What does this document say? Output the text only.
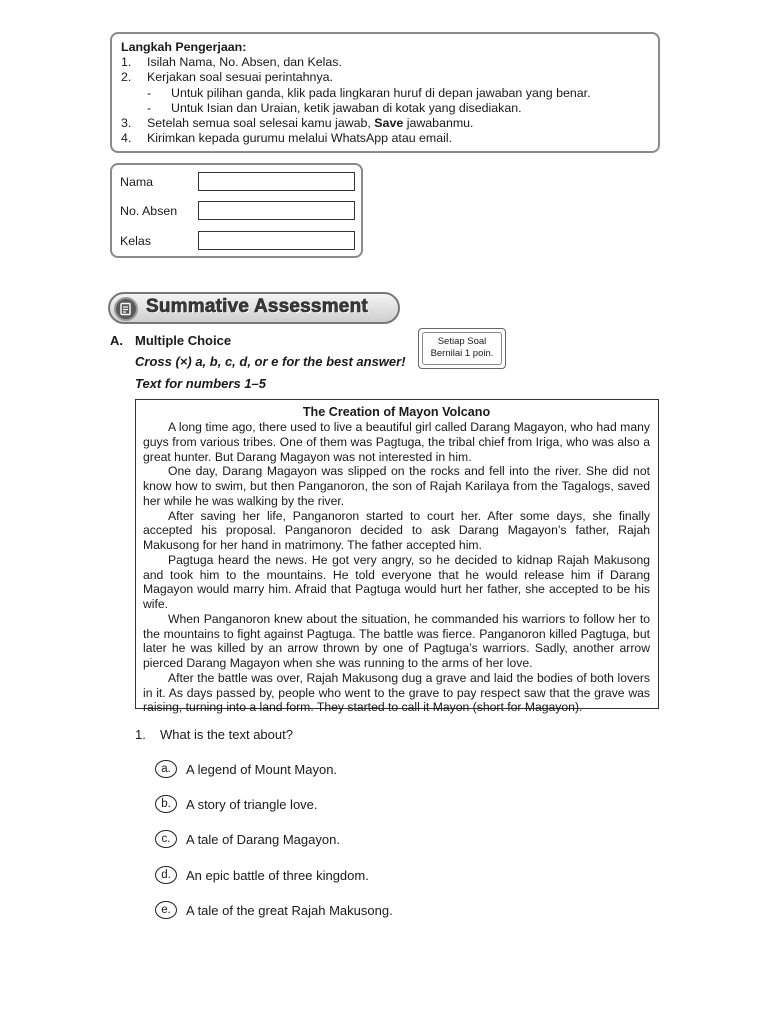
Langkah Pengerjaan:
1.	Isilah Nama, No. Absen, dan Kelas.
2.	Kerjakan soal sesuai perintahnya.
-	Untuk pilihan ganda, klik pada lingkaran huruf di depan jawaban yang benar.
-	Untuk Isian dan Uraian, ketik jawaban di kotak yang disediakan.
3.	Setelah semua soal selesai kamu jawab, Save jawabanmu.
4.	Kirimkan kepada gurumu melalui WhatsApp atau email.
Nama
No. Absen
Kelas
Summative Assessment
A. Multiple Choice
Cross (×) a, b, c, d, or e for the best answer!
Text for numbers 1–5
Setiap Soal
Bernilai 1 poin.
The Creation of Mayon Volcano

A long time ago, there used to live a beautiful girl called Darang Magayon, who had many guys from various tribes. One of them was Pagtuga, the tribal chief from Iriga, who was also a great hunter. But Darang Magayon was not interested in him.

One day, Darang Magayon was slipped on the rocks and fell into the river. She did not know how to swim, but then Panganoron, the son of Rajah Karilaya from the Tagalogs, saved her while he was walking by the river.

After saving her life, Panganoron started to court her. After some days, she finally accepted his proposal. Panganoron decided to ask Darang Magayon’s father, Rajah Makusong for her hand in matrimony. The father accepted him.

Pagtuga heard the news. He got very angry, so he decided to kidnap Rajah Makusong and took him to the mountains. He told everyone that he would release him if Darang Magayon would marry him. Afraid that Pagtuga would hurt her father, she accepted to be his wife.

When Panganoron knew about the situation, he commanded his warriors to follow her to the mountains to fight against Pagtuga. The battle was fierce. Panganoron killed Pagtuga, but later he was killed by an arrow thrown by one of Pagtuga’s warriors. Sadly, another arrow pierced Darang Magayon when she was running to the arms of her love.

After the battle was over, Rajah Makusong dug a grave and laid the bodies of both lovers in it. As days passed by, people who went to the grave to pay respect saw that the grave was raising, turning into a land form. They started to call it Mayon (short for Magayon).

1. What is the text about?
a.	A legend of Mount Mayon.
b.	A story of triangle love.
c.	A tale of Darang Magayon.
d.	An epic battle of three kingdom.
e.	A tale of the great Rajah Makusong.
